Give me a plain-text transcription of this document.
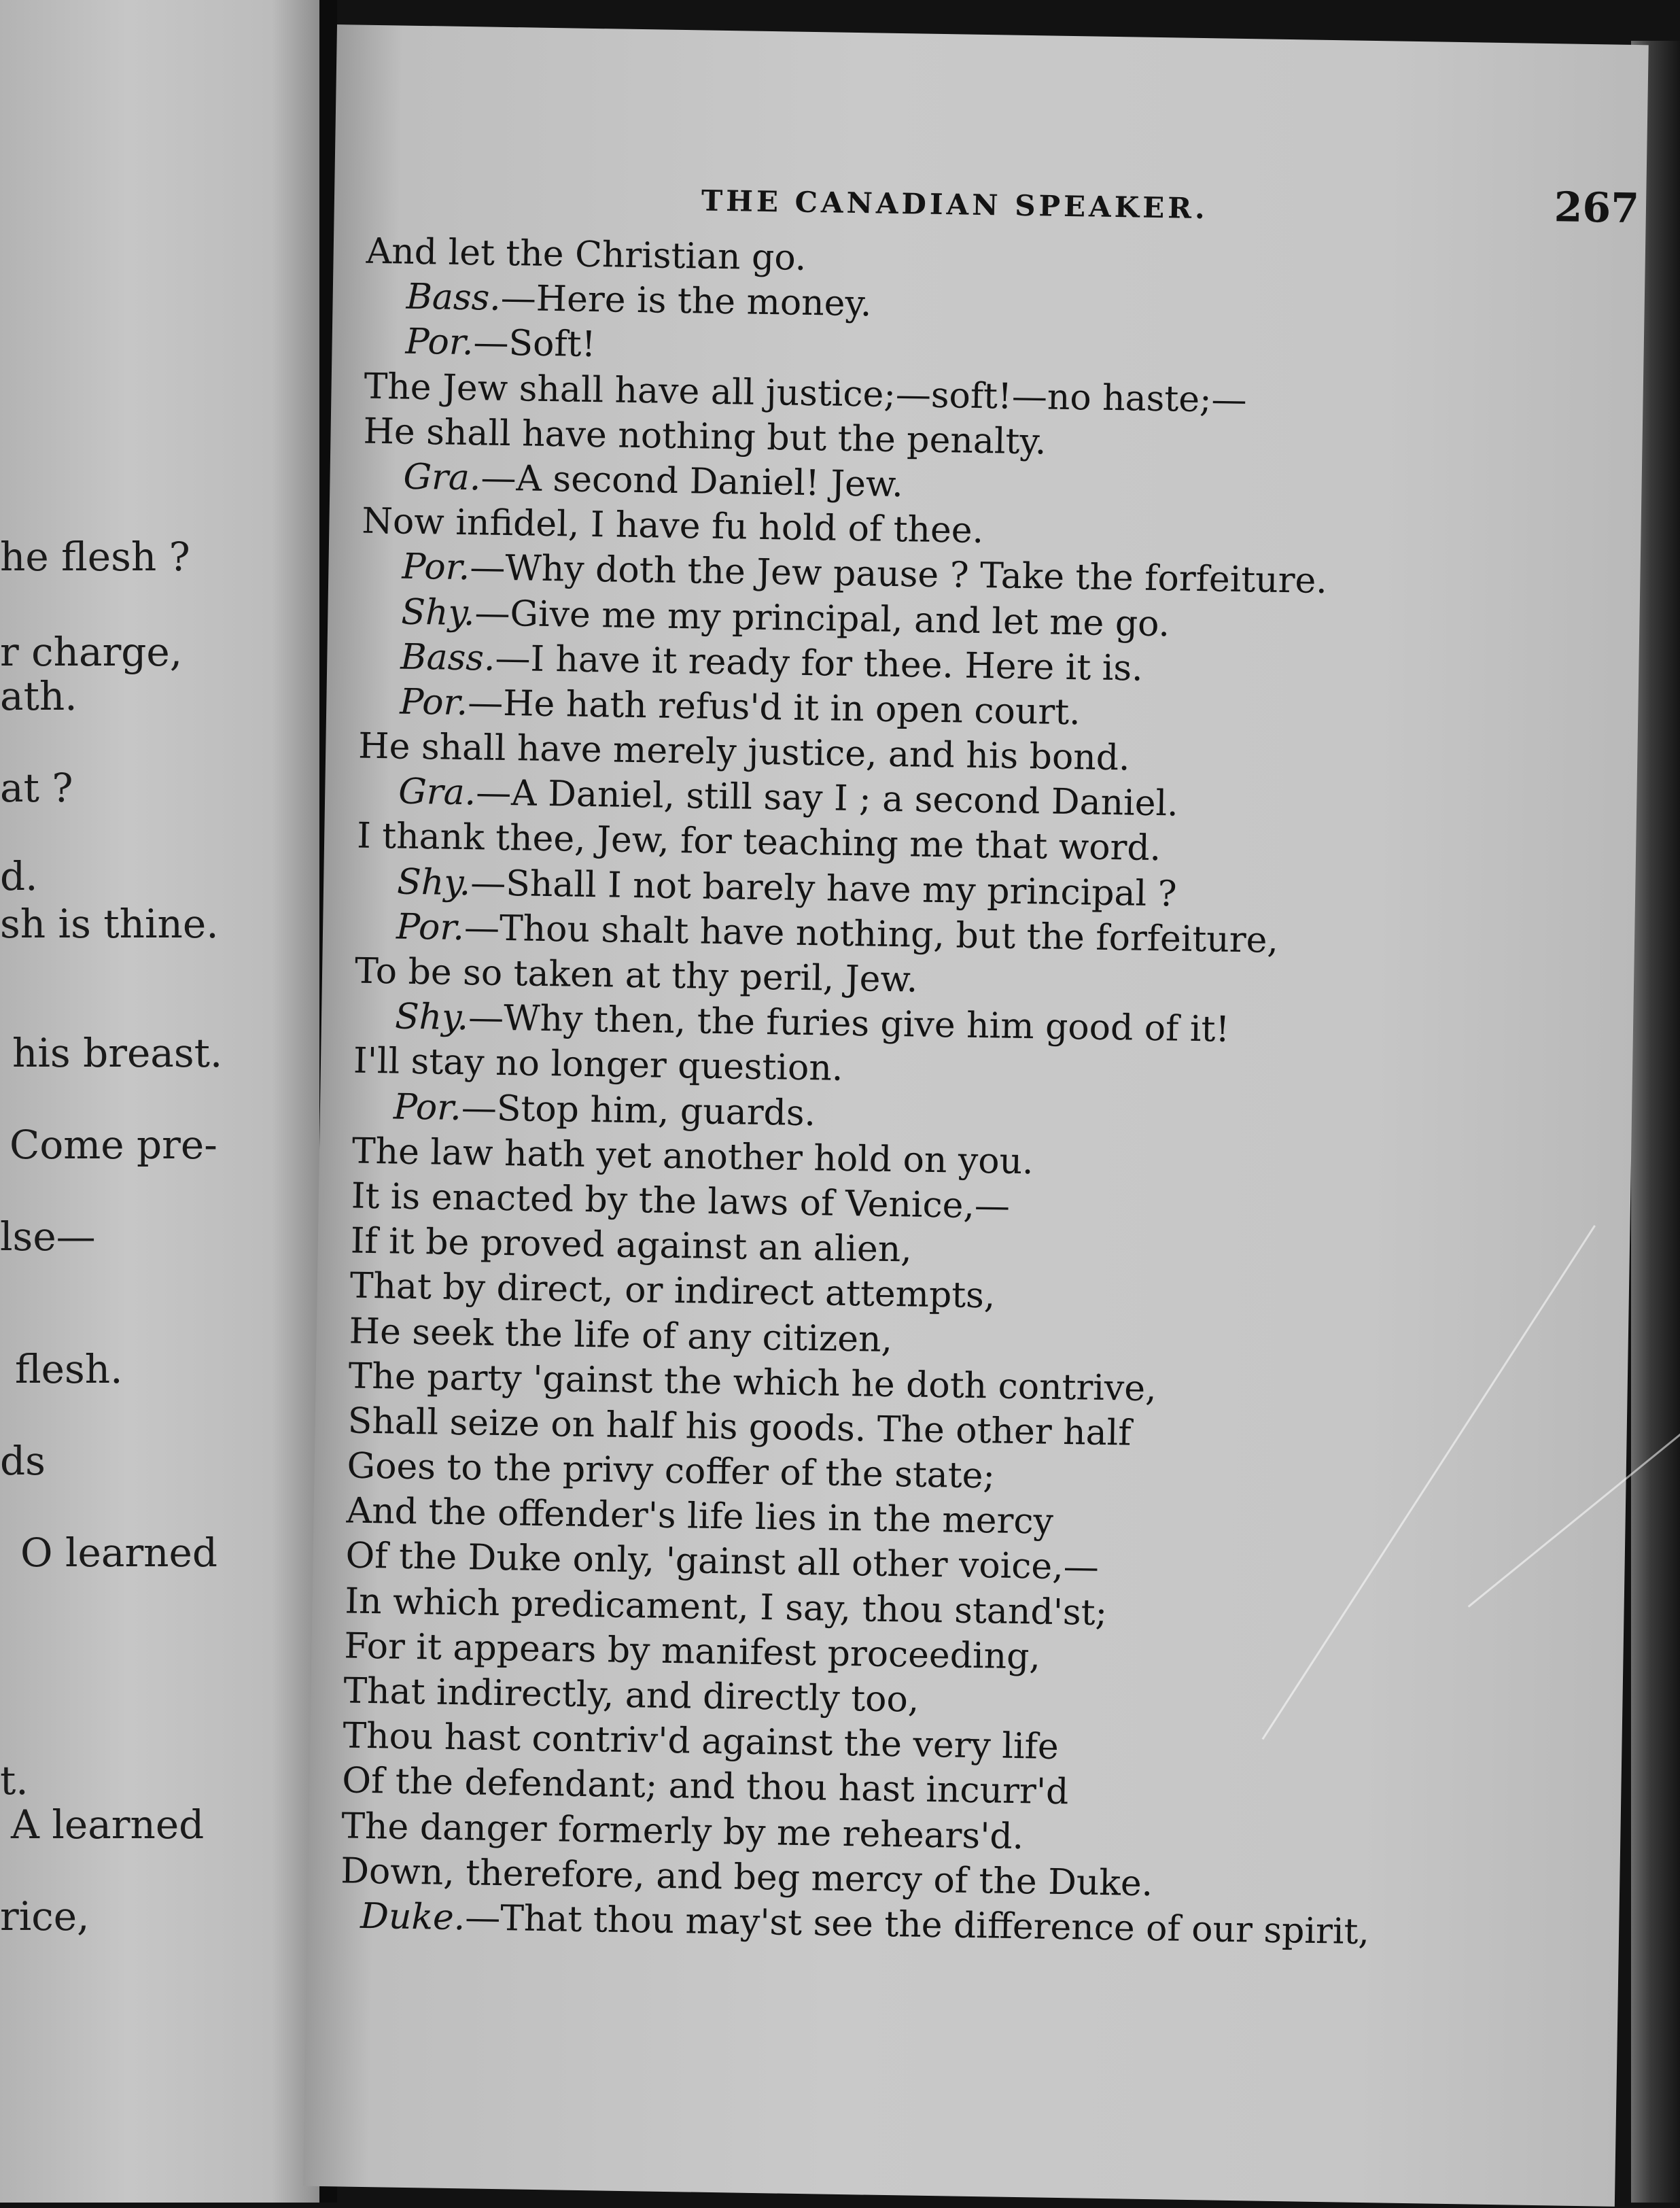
he flesh ?
r charge,
ath.
at ?
d.
sh is thine.
his breast.
Come pre-
lse—
flesh.
ds
O learned
t.
A learned
rice,
THE CANADIAN SPEAKER.	267
And let the Christian go.
Bass.—Here is the money.
Por.—Soft!
The Jew shall have all justice;—soft!—no haste;—
He shall have nothing but the penalty.
Gra.—A second Daniel! Jew.
Now infidel, I have fu hold of thee.
Por.—Why doth the Jew pause ? Take the forfeiture.
Shy.—Give me my principal, and let me go.
Bass.—I have it ready for thee. Here it is.
Por.—He hath refus'd it in open court.
He shall have merely justice, and his bond.
Gra.—A Daniel, still say I ; a second Daniel.
I thank thee, Jew, for teaching me that word.
Shy.—Shall I not barely have my principal ?
Por.—Thou shalt have nothing, but the forfeiture,
To be so taken at thy peril, Jew.
Shy.—Why then, the furies give him good of it!
I'll stay no longer question.
Por.—Stop him, guards.
The law hath yet another hold on you.
It is enacted by the laws of Venice,—
If it be proved against an alien,
That by direct, or indirect attempts,
He seek the life of any citizen,
The party 'gainst the which he doth contrive,
Shall seize on half his goods. The other half
Goes to the privy coffer of the state;
And the offender's life lies in the mercy
Of the Duke only, 'gainst all other voice,—
In which predicament, I say, thou stand'st;
For it appears by manifest proceeding,
That indirectly, and directly too,
Thou hast contriv'd against the very life
Of the defendant; and thou hast incurr'd
The danger formerly by me rehears'd.
Down, therefore, and beg mercy of the Duke.
Duke.—That thou may'st see the difference of our spirit,
